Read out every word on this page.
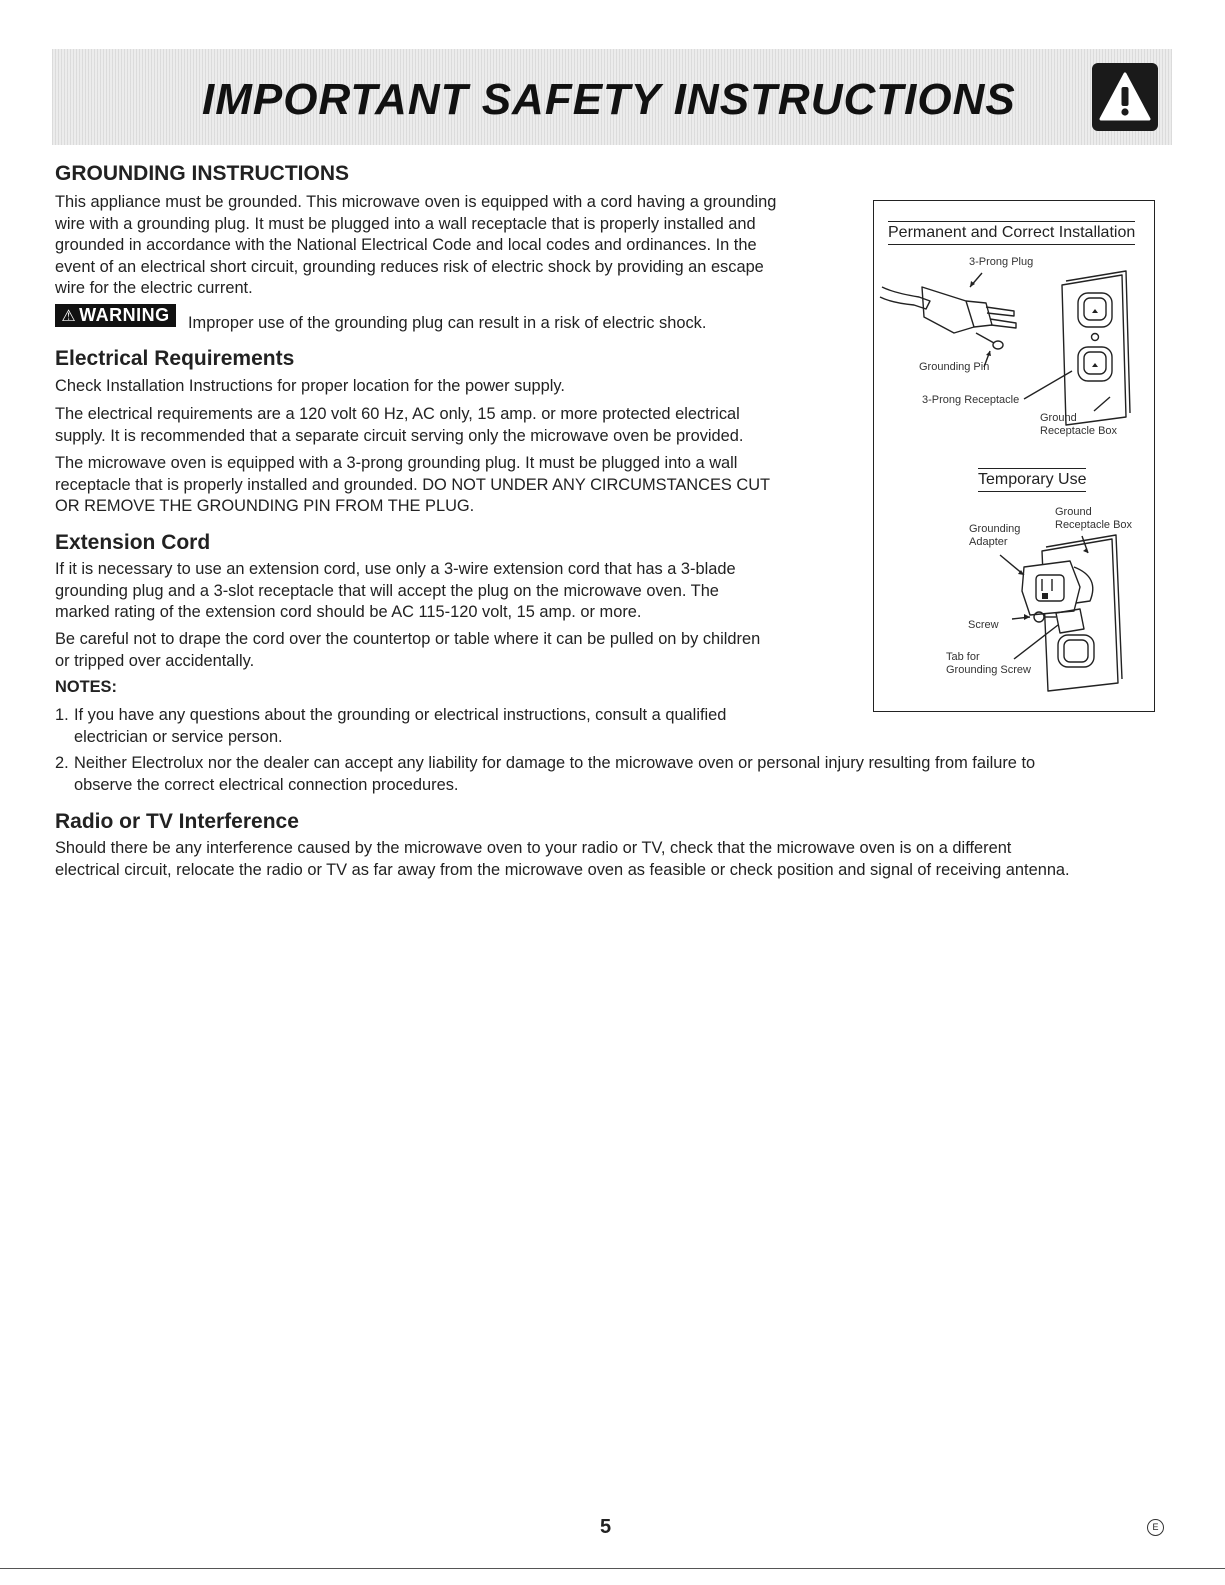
IMPORTANT SAFETY INSTRUCTIONS
GROUNDING INSTRUCTIONS
This appliance must be grounded. This microwave oven is equipped with a cord having a grounding
wire with a grounding plug. It must be plugged into a wall receptacle that is properly installed and
grounded in accordance with the National Electrical Code and local codes and ordinances. In the
event of an electrical short circuit, grounding reduces risk of electric shock by providing an escape
wire for the electric current.
⚠ WARNING Improper use of the grounding plug can result in a risk of electric shock.
Electrical Requirements
Check Installation Instructions for proper location for the power supply.
The electrical requirements are a 120 volt 60 Hz, AC only, 15 amp. or more protected electrical
supply. It is recommended that a separate circuit serving only the microwave oven be provided.
The microwave oven is equipped with a 3-prong grounding plug. It must be plugged into a wall
receptacle that is properly installed and grounded. DO NOT UNDER ANY CIRCUMSTANCES CUT
OR REMOVE THE GROUNDING PIN FROM THE PLUG.
Extension Cord
If it is necessary to use an extension cord, use only a 3-wire extension cord that has a 3-blade
grounding plug and a 3-slot receptacle that will accept the plug on the microwave oven. The
marked rating of the extension cord should be AC 115-120 volt, 15 amp. or more.
Be careful not to drape the cord over the countertop or table where it can be pulled on by children
or tripped over accidentally.
NOTES:
1. If you have any questions about the grounding or electrical instructions, consult a qualified
electrician or service person.
2. Neither Electrolux nor the dealer can accept any liability for damage to the microwave oven or personal injury resulting from failure to
observe the correct electrical connection procedures.
Radio or TV Interference
Should there be any interference caused by the microwave oven to your radio or TV, check that the microwave oven is on a different
electrical circuit, relocate the radio or TV as far away from the microwave oven as feasible or check position and signal of receiving antenna.
Permanent and Correct Installation
3-Prong Plug
Grounding Pin
3-Prong Receptacle
Ground
Receptacle Box
Temporary Use
Ground
Receptacle Box
Grounding
Adapter
Screw
Tab for
Grounding Screw
5	E
